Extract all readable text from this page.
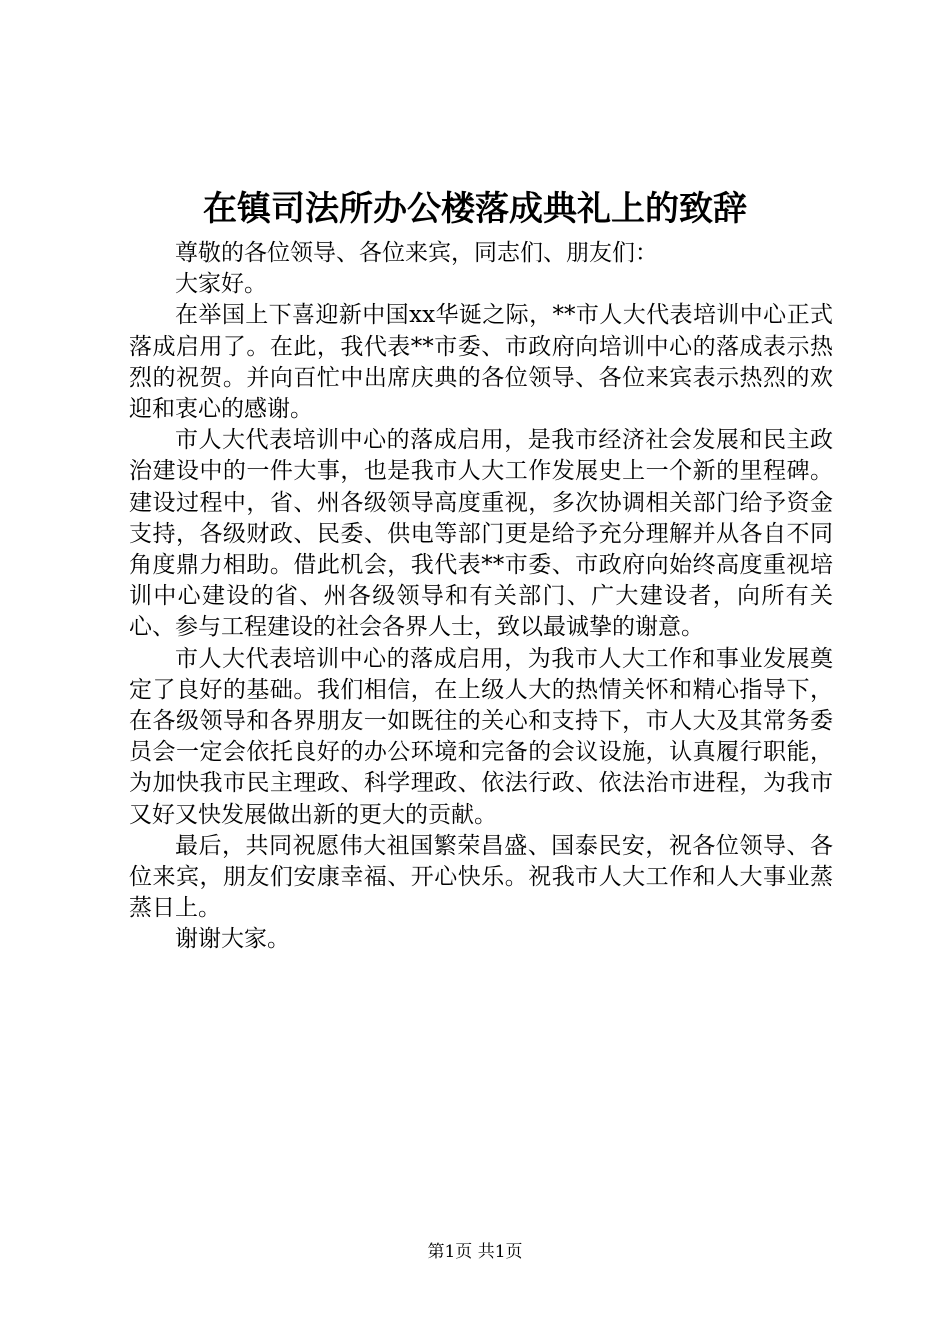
在镇司法所办公楼落成典礼上的致辞

尊敬的各位领导、各位来宾，同志们、朋友们：

大家好。

在举国上下喜迎新中国xx华诞之际，**市人大代表培训中心正式落成启用了。在此，我代表**市委、市政府向培训中心的落成表示热烈的祝贺。并向百忙中出席庆典的各位领导、各位来宾表示热烈的欢迎和衷心的感谢。

市人大代表培训中心的落成启用，是我市经济社会发展和民主政治建设中的一件大事，也是我市人大工作发展史上一个新的里程碑。建设过程中，省、州各级领导高度重视，多次协调相关部门给予资金支持，各级财政、民委、供电等部门更是给予充分理解并从各自不同角度鼎力相助。借此机会，我代表**市委、市政府向始终高度重视培训中心建设的省、州各级领导和有关部门、广大建设者，向所有关心、参与工程建设的社会各界人士，致以最诚挚的谢意。

市人大代表培训中心的落成启用，为我市人大工作和事业发展奠定了良好的基础。我们相信，在上级人大的热情关怀和精心指导下，在各级领导和各界朋友一如既往的关心和支持下，市人大及其常务委员会一定会依托良好的办公环境和完备的会议设施，认真履行职能，为加快我市民主理政、科学理政、依法行政、依法治市进程，为我市又好又快发展做出新的更大的贡献。

最后，共同祝愿伟大祖国繁荣昌盛、国泰民安，祝各位领导、各位来宾，朋友们安康幸福、开心快乐。祝我市人大工作和人大事业蒸蒸日上。

谢谢大家。

第1页 共1页
